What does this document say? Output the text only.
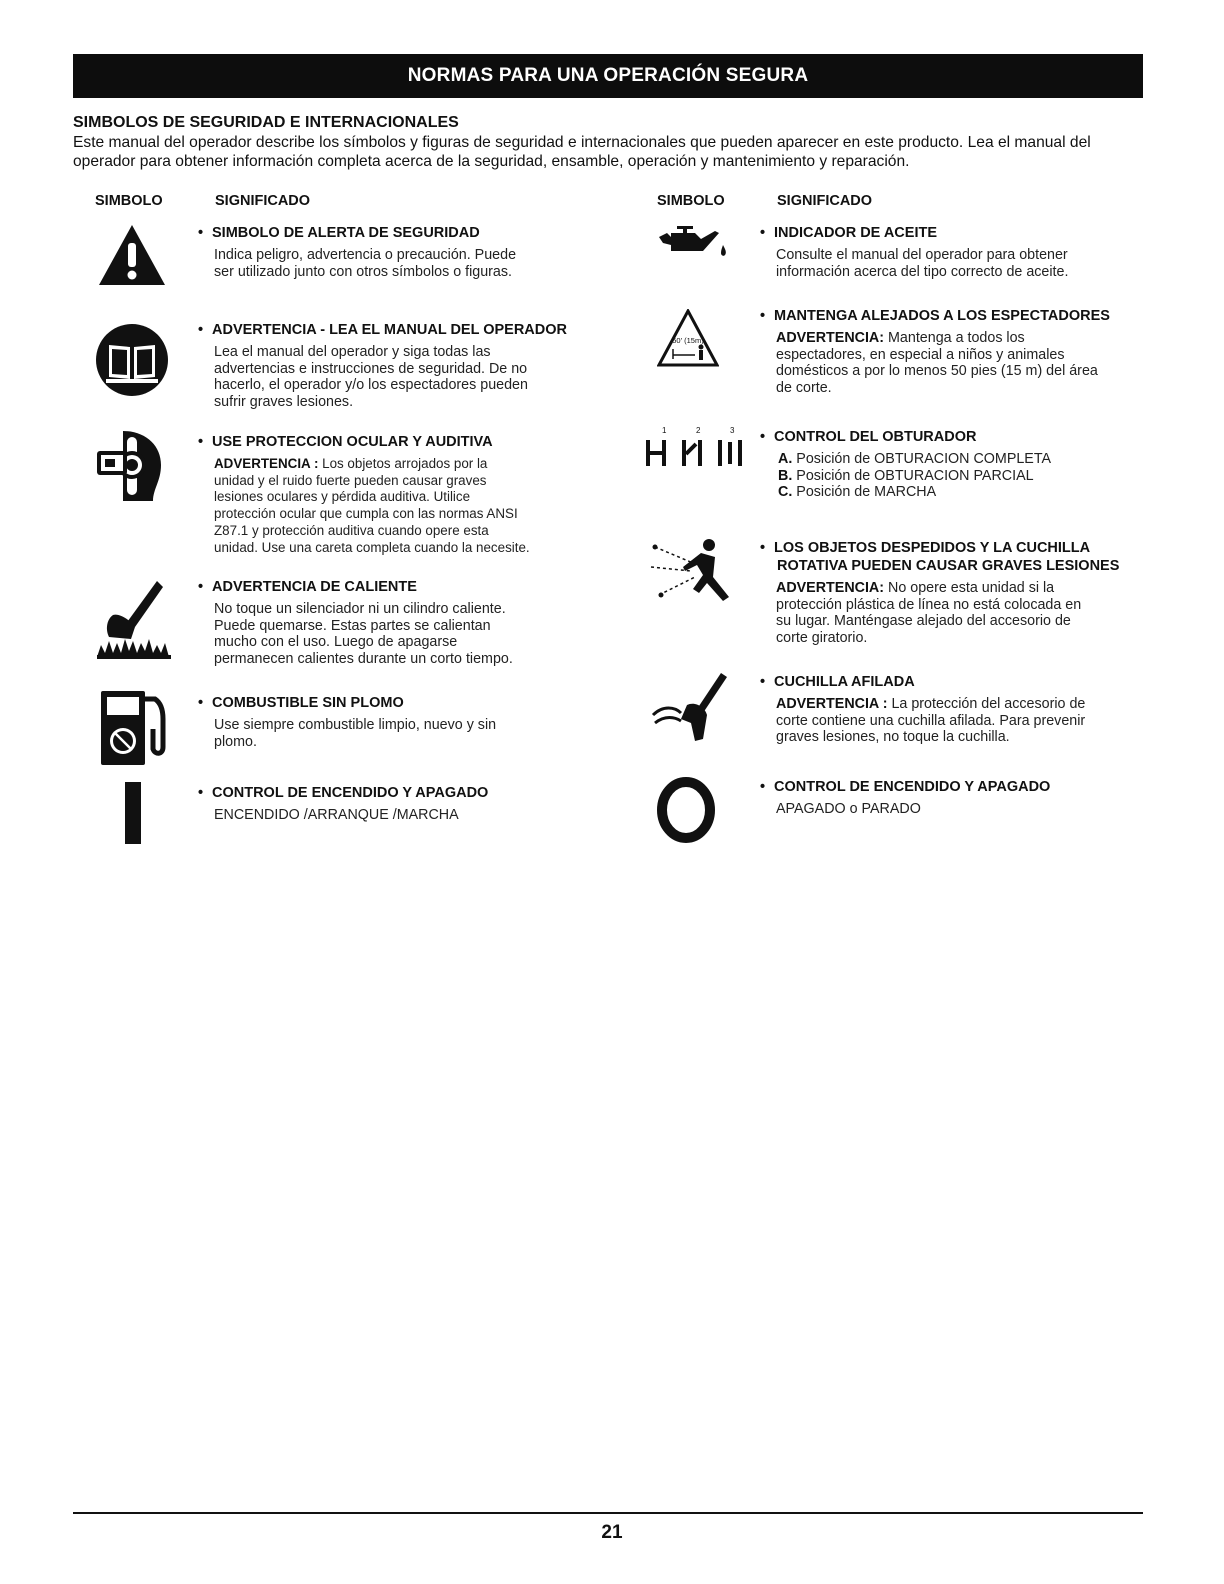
NORMAS PARA UNA OPERACIÓN SEGURA
SIMBOLOS DE SEGURIDAD E INTERNACIONALES
Este manual del operador describe los símbolos y figuras de seguridad e internacionales que pueden aparecer en este producto. Lea el manual del operador para obtener información completa acerca de la seguridad, ensamble, operación y mantenimiento y reparación.
SIMBOLO	SIGNIFICADO	SIMBOLO	SIGNIFICADO
• SIMBOLO DE ALERTA DE SEGURIDAD
Indica peligro, advertencia o precaución. Puede
ser utilizado junto con otros símbolos o figuras.
• ADVERTENCIA - LEA EL MANUAL DEL OPERADOR
Lea el manual del operador y siga todas las
advertencias e instrucciones de seguridad. De no
hacerlo, el operador y/o los espectadores pueden
sufrir graves lesiones.
• USE PROTECCION OCULAR Y AUDITIVA
ADVERTENCIA : Los objetos arrojados por la
unidad y el ruido fuerte pueden causar graves
lesiones oculares y pérdida auditiva. Utilice
protección ocular que cumpla con las normas ANSI
Z87.1 y protección auditiva cuando opere esta
unidad. Use una careta completa cuando la necesite.
• ADVERTENCIA DE CALIENTE
No toque un silenciador ni un cilindro caliente.
Puede quemarse. Estas partes se calientan
mucho con el uso. Luego de apagarse
permanecen calientes durante un corto tiempo.
• COMBUSTIBLE SIN PLOMO
Use siempre combustible limpio, nuevo y sin
plomo.
• CONTROL DE ENCENDIDO Y APAGADO
ENCENDIDO /ARRANQUE /MARCHA
• INDICADOR DE ACEITE
Consulte el manual del operador para obtener
información acerca del tipo correcto de aceite.
50' (15m)
• MANTENGA ALEJADOS A LOS ESPECTADORES
ADVERTENCIA: Mantenga a todos los
espectadores, en especial a niños y animales
domésticos a por lo menos 50 pies (15 m) del área
de corte.
1	2	3 • CONTROL DEL OBTURADOR
A. Posición de OBTURACION COMPLETA
B. Posición de OBTURACION PARCIAL
C. Posición de MARCHA
• LOS OBJETOS DESPEDIDOS Y LA CUCHILLA
ROTATIVA PUEDEN CAUSAR GRAVES LESIONES
ADVERTENCIA: No opere esta unidad si la
protección plástica de línea no está colocada en
su lugar. Manténgase alejado del accesorio de
corte giratorio.
• CUCHILLA AFILADA
ADVERTENCIA : La protección del accesorio de
corte contiene una cuchilla afilada. Para prevenir
graves lesiones, no toque la cuchilla.
• CONTROL DE ENCENDIDO Y APAGADO
APAGADO o PARADO
21
